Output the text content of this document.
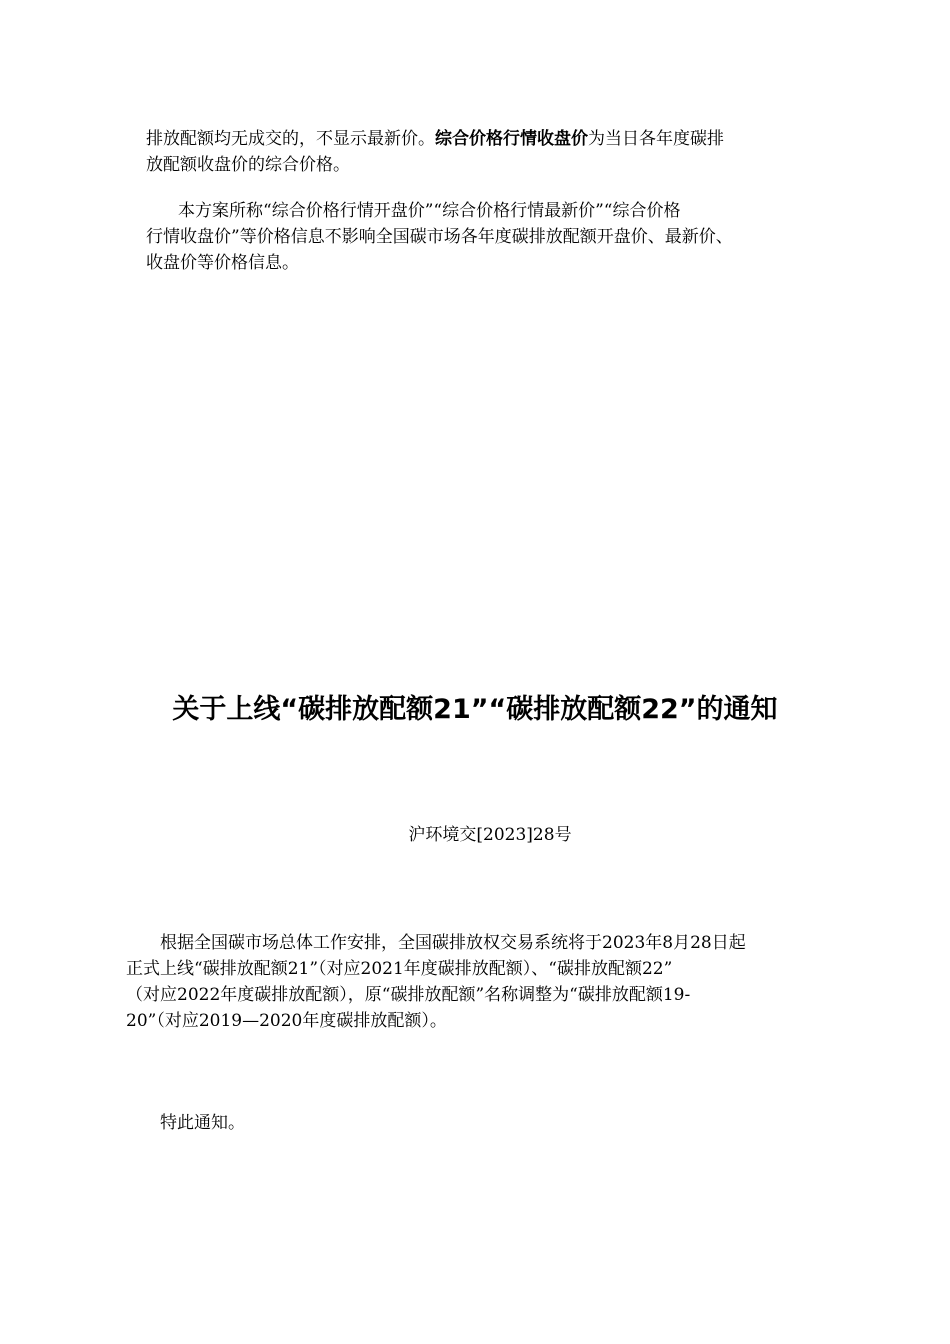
排放配额均无成交的，不显示最新价。综合价格行情收盘价为当日各年度碳排
放配额收盘价的综合价格。

本方案所称“综合价格行情开盘价”“综合价格行情最新价”“综合价格
行情收盘价”等价格信息不影响全国碳市场各年度碳排放配额开盘价、最新价、
收盘价等价格信息。

关于上线“碳排放配额21”“碳排放配额22”的通知

沪环境交[2023]28号

根据全国碳市场总体工作安排，全国碳排放权交易系统将于2023年8月28日起
正式上线“碳排放配额21”（对应2021年度碳排放配额）、“碳排放配额22”
（对应2022年度碳排放配额），原“碳排放配额”名称调整为“碳排放配额19-
20”（对应2019—2020年度碳排放配额）。

特此通知。
